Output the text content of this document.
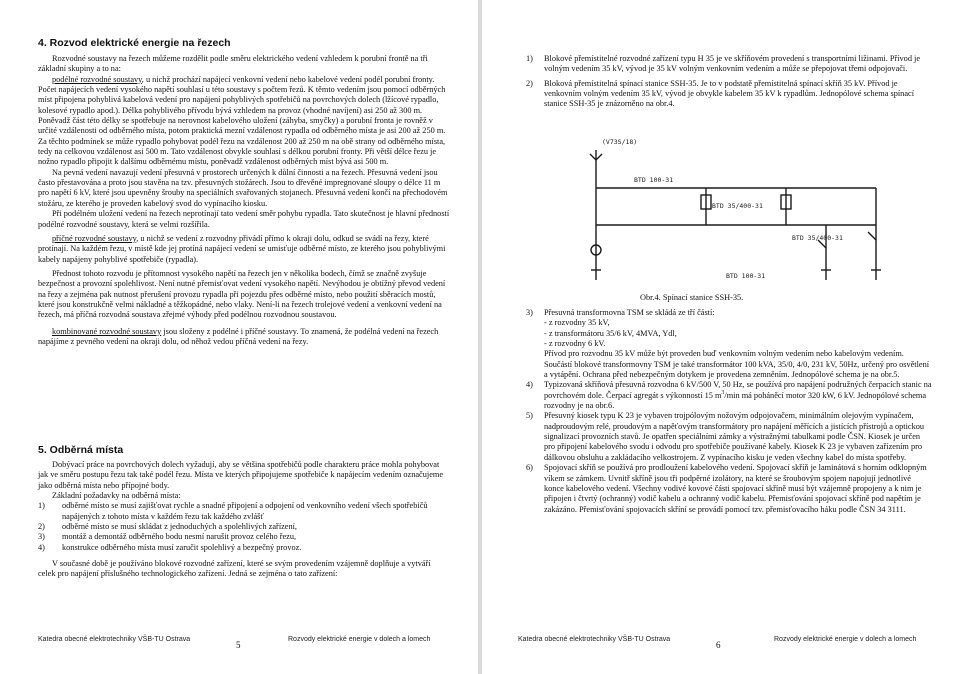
4. Rozvod elektrické energie na řezech

Rozvodné soustavy na řezech můžeme rozdělit podle směru elektrického vedení vzhledem k porubní frontě na tři základní skupiny a to na:

podélné rozvodné soustavy, u nichž prochází napájecí venkovní vedení nebo kabelové vedení podél porubní fronty. Počet napájecích vedení vysokého napětí souhlasí u této soustavy s počtem řezů. K těmto vedením jsou pomocí odběrných míst připojena pohyblivá kabelová vedení pro napájení pohyblivých spotřebičů na povrchových dolech (lžícové rypadlo, kolesové rypadlo apod.). Délka pohyblivého přívodu bývá vzhledem na provoz (vhodné navíjení) asi 250 až 300 m. Poněvadž část této délky se spotřebuje na nerovnost kabelového uložení (záhyba, smyčky) a porubní fronta je rovněž v určité vzdálenosti od odběrného místa, potom praktická mezní vzdálenost rypadla od odběrného místa je asi 200 až 250 m. Za těchto podmínek se může rypadlo pohybovat podél řezu na vzdálenost 200 až 250 m na obě strany od odběrného místa, tedy na celkovou vzdálenost asi 500 m. Tato vzdálenost obvykle souhlasí s délkou porubní fronty. Při větší délce řezu je nožno rypadlo připojit k dalšímu odběrnému místu, poněvadž vzdálenost odběrných míst bývá asi 500 m.

Na pevná vedení navazují vedení přesuvná v prostorech určených k důlní činnosti a na řezech. Přesuvná vedení jsou často přestavována a proto jsou stavěna na tzv. přesuvných stožárech. Jsou to dřevěné impregnované sloupy o délce 11 m pro napětí 6 kV, které jsou upevněny šrouby na speciálních svařovaných stojanech. Přesuvná vedení končí na přechodovém stožáru, ze kterého je proveden kabelový svod do vypínacího kiosku.

Při podélném uložení vedení na řezech neprotínají tato vedení směr pohybu rypadla. Tato skutečnost je hlavní předností podélné rozvodné soustavy, která se velmi rozšířila.

příčné rozvodné soustavy, u nichž se vedení z rozvodny přivádí přímo k okraji dolu, odkud se svádí na řezy, které protínají. Na každém řezu, v místě kde jej protíná napájecí vedení se umisťuje odběrné místo, ze kterého jsou pohyblivými kabely napájeny pohyblivé spotřebiče (rypadla).

Přednost tohoto rozvodu je přítomnost vysokého napětí na řezech jen v několika bodech, čímž se značně zvyšuje bezpečnost a provozní spolehlivost. Není nutné přemisťovat vedení vysokého napětí. Nevýhodou je obtížný převod vedení na řezy a zejména pak nutnost přerušení provozu rypadla při pojezdu přes odběrné místo, nebo použití sběracích mostů, které jsou konstrukčně velmi nákladné a těžkopádné, nebo vlaky. Není-li na řezech trolejové vedení a venkovní vedení na řezech, má příčná rozvodná soustava zřejmé výhody před podélnou rozvodnou soustavou.

kombinované rozvodné soustavy jsou složeny z podélné i příčné soustavy. To znamená, že podélná vedení na řezech napájíme z pevného vedení na okraji dolu, od něhož vedou příčná vedení na řezy.

5. Odběrná místa

Dobývací práce na povrchových dolech vyžadují, aby se většina spotřebičů podle charakteru práce mohla pohybovat jak ve směru postupu řezu tak také podél řezu. Místa ve kterých připojujeme spotřebiče k napájecím vedením označujeme jako odběrná místa nebo přípojné body.

Základní požadavky na odběrná místa:

1)	odběrné místo se musí zajišťovat rychle a snadné připojení a odpojení od venkovního vedení všech spotřebičů napájených z tohoto místa v každém řezu tak každého zvlášť
2)	odběrné místo se musí skládat z jednoduchých a spolehlivých zařízení,
3)	montáž a demontáž odběrného bodu nesmí narušit provoz celého řezu,
4)	konstrukce odběrného místa musí zaručit spolehlivý a bezpečný provoz.

V současné době je používáno blokové rozvodné zařízení, které se svým provedením vzájemně doplňuje a vytváří celek pro napájení příslušného technologického zařízení. Jedná se zejména o tato zařízení:

Katedra obecné elektrotechniky VŠB-TU Ostrava
5
Rozvody elektrické energie v dolech a lomech
1)	Blokové přemístitelné rozvodné zařízení typu H 35 je ve skříňovém provedení s transportními ližinami. Přívod je volným vedením 35 kV, vývod je 35 kV volným venkovním vedením a může se přepojovat třemi odpojovači.
2)	Bloková přemístitelná spínací stanice SSH-35. Je to v podstatě přemístitelná spínací skříň 35 kV. Přívod je venkovním volným vedením 35 kV, vývod je obvykle kabelem 35 kV k rypadlům. Jednopólové schema spínací stanice SSH-35 je znázorněno na obr.4.
(V73S/18)
BTD 100-31
BTD 35/400-31
BTD 35/400-31
BTD 100-31
Obr.4. Spínací stanice SSH-35.
3)	Přesuvná transformovna TSM se skládá ze tří částí:
- z rozvodny 35 kV,
- z transformátoru 35/6 kV, 4MVA, Ydl,
- z rozvodny 6 kV.
Přívod pro rozvodnu 35 kV může být proveden buď venkovním volným vedením nebo kabelovým vedením. Součástí blokové transformovny TSM je také transformátor 100 kVA, 35/0, 4/0, 231 kV, 50Hz, určený pro osvětlení a vytápění. Ochrana před nebezpečným dotykem je provedena zemněním. Jednopólové schema je na obr.5.
4)	Typizovaná skříňová přesuvná rozvodna 6 kV/500 V, 50 Hz, se používá pro napájení podružných čerpacích stanic na povrchovém dole. Čerpací agregát s výkonností 15 $m^3/\min$ má poháněcí motor 320 kW, 6 kV. Jednopólové schema rozvodny je na obr.6.
5)	Přesuvný kiosek typu K 23 je vybaven trojpólovým nožovým odpojovačem, minimálním olejovým vypínačem, nadproudovým relé, proudovým a napěťovým transformátory pro napájení měřících a jistících přístrojů a optickou signalizací provozních stavů. Je opatřen speciálními zámky a výstražnými tabulkami podle ČSN. Kiosek je určen pro připojení kabelového svodu i odvodu pro spotřebiče používané kabely. Kiosek K 23 je vybaven zařízením pro dálkovou obsluhu a zakládacího velkostrojem. Z vypínacího kisku je veden všechny kabel do místa spotřeby.
6)	Spojovací skříň se používá pro prodloužení kabelového vedení. Spojovací skříň je laminátová s horním odklopným víkem se zámkem. Uvnitř skříně jsou tři podpěrné izolátory, na které se šroubovým spojem napojují jednotlivé konce kabelového vedení. Všechny vodivé kovové části spojovací skříně musí být vzájemně propojeny a k nim je připojen i čtvrtý (ochranný) vodič kabelu a ochranný vodič kabelu. Přemisťování spojovací skříně pod napětím je zakázáno. Přemisťování spojovacích skříní se provádí pomocí tzv. přemisťovacího háku podle ČSN 34 3111.
Katedra obecné elektrotechniky VŠB-TU Ostrava
6
Rozvody elektrické energie v dolech a lomech
